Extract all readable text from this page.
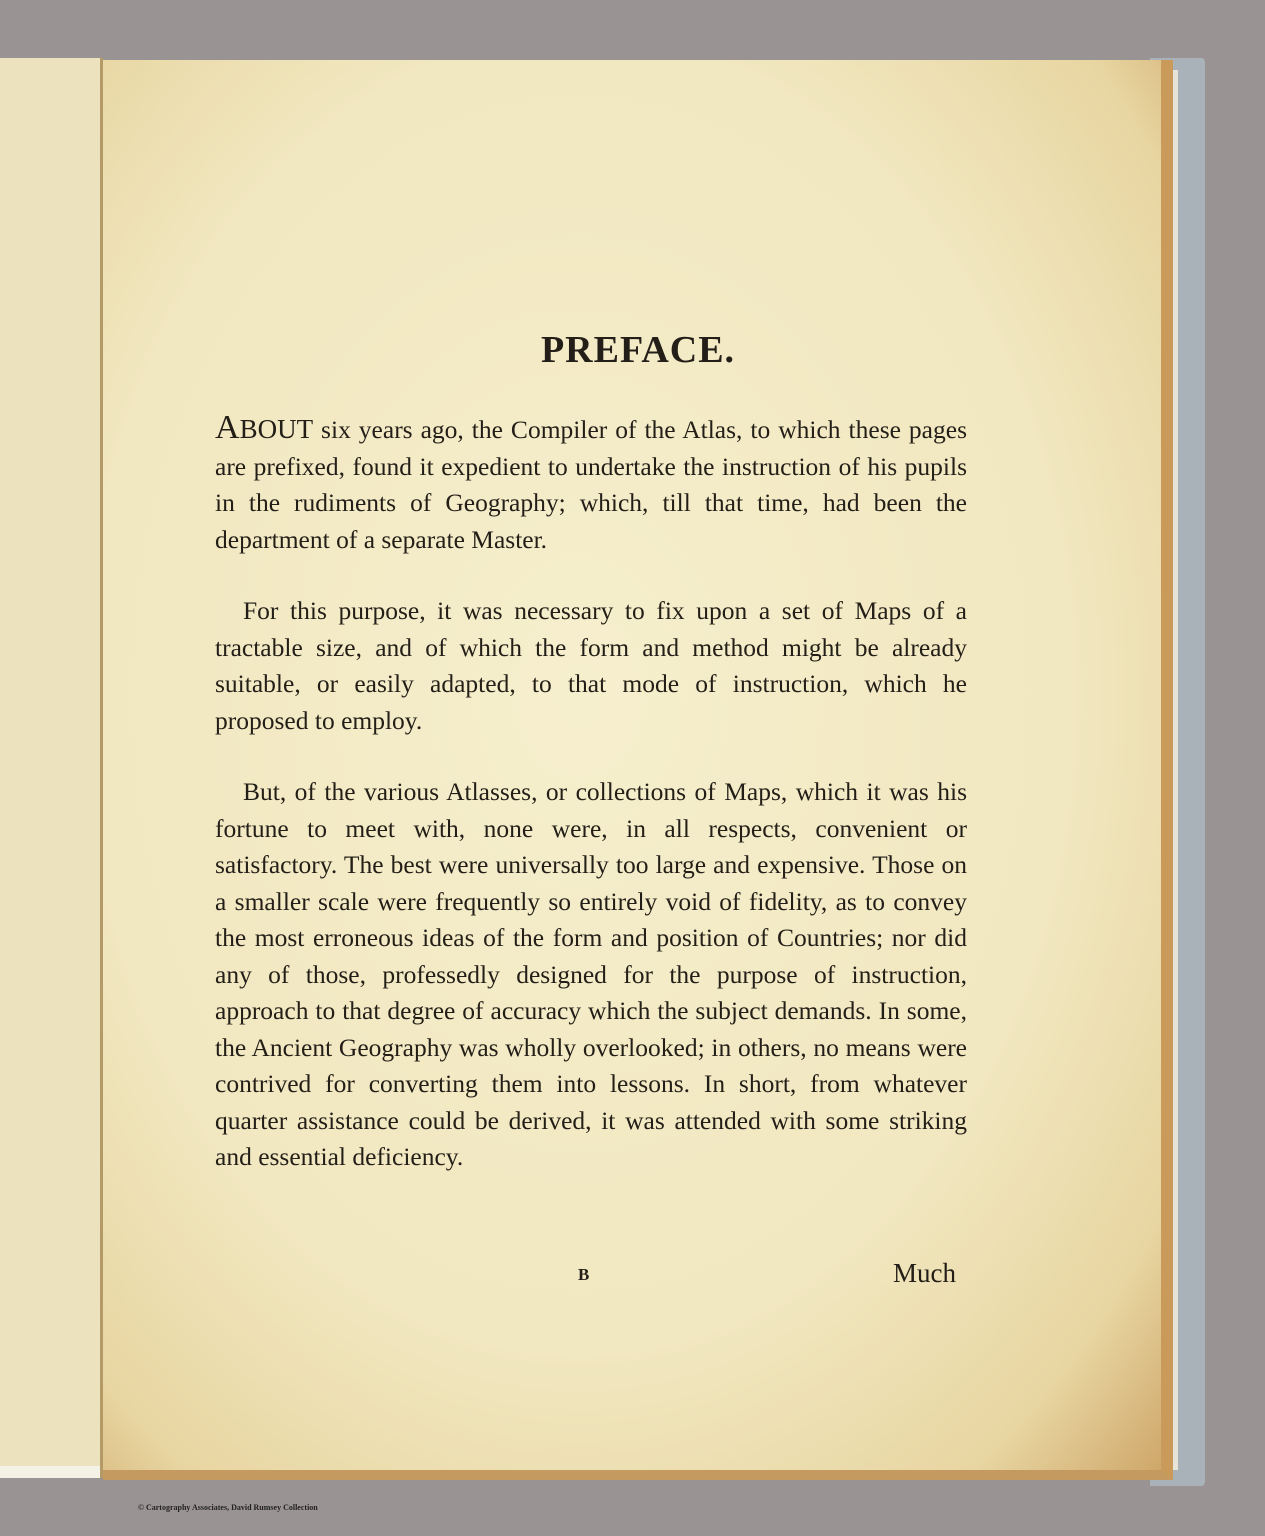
PREFACE.

ABOUT six years ago, the Compiler of the Atlas, to which these pages are prefixed, found it expedient to undertake the instruction of his pupils in the rudiments of Geography; which, till that time, had been the department of a separate Master.

For this purpose, it was necessary to fix upon a set of Maps of a tractable size, and of which the form and method might be already suitable, or easily adapted, to that mode of instruction, which he proposed to employ.

But, of the various Atlasses, or collections of Maps, which it was his fortune to meet with, none were, in all respects, convenient or satisfactory. The best were universally too large and expensive. Those on a smaller scale were frequently so entirely void of fidelity, as to convey the most erroneous ideas of the form and position of Countries; nor did any of those, professedly designed for the purpose of instruction, approach to that degree of accuracy which the subject demands. In some, the Ancient Geography was wholly overlooked; in others, no means were contrived for converting them into lessons. In short, from whatever quarter assistance could be derived, it was attended with some striking and essential deficiency.

B	Much
© Cartography Associates, David Rumsey Collection
